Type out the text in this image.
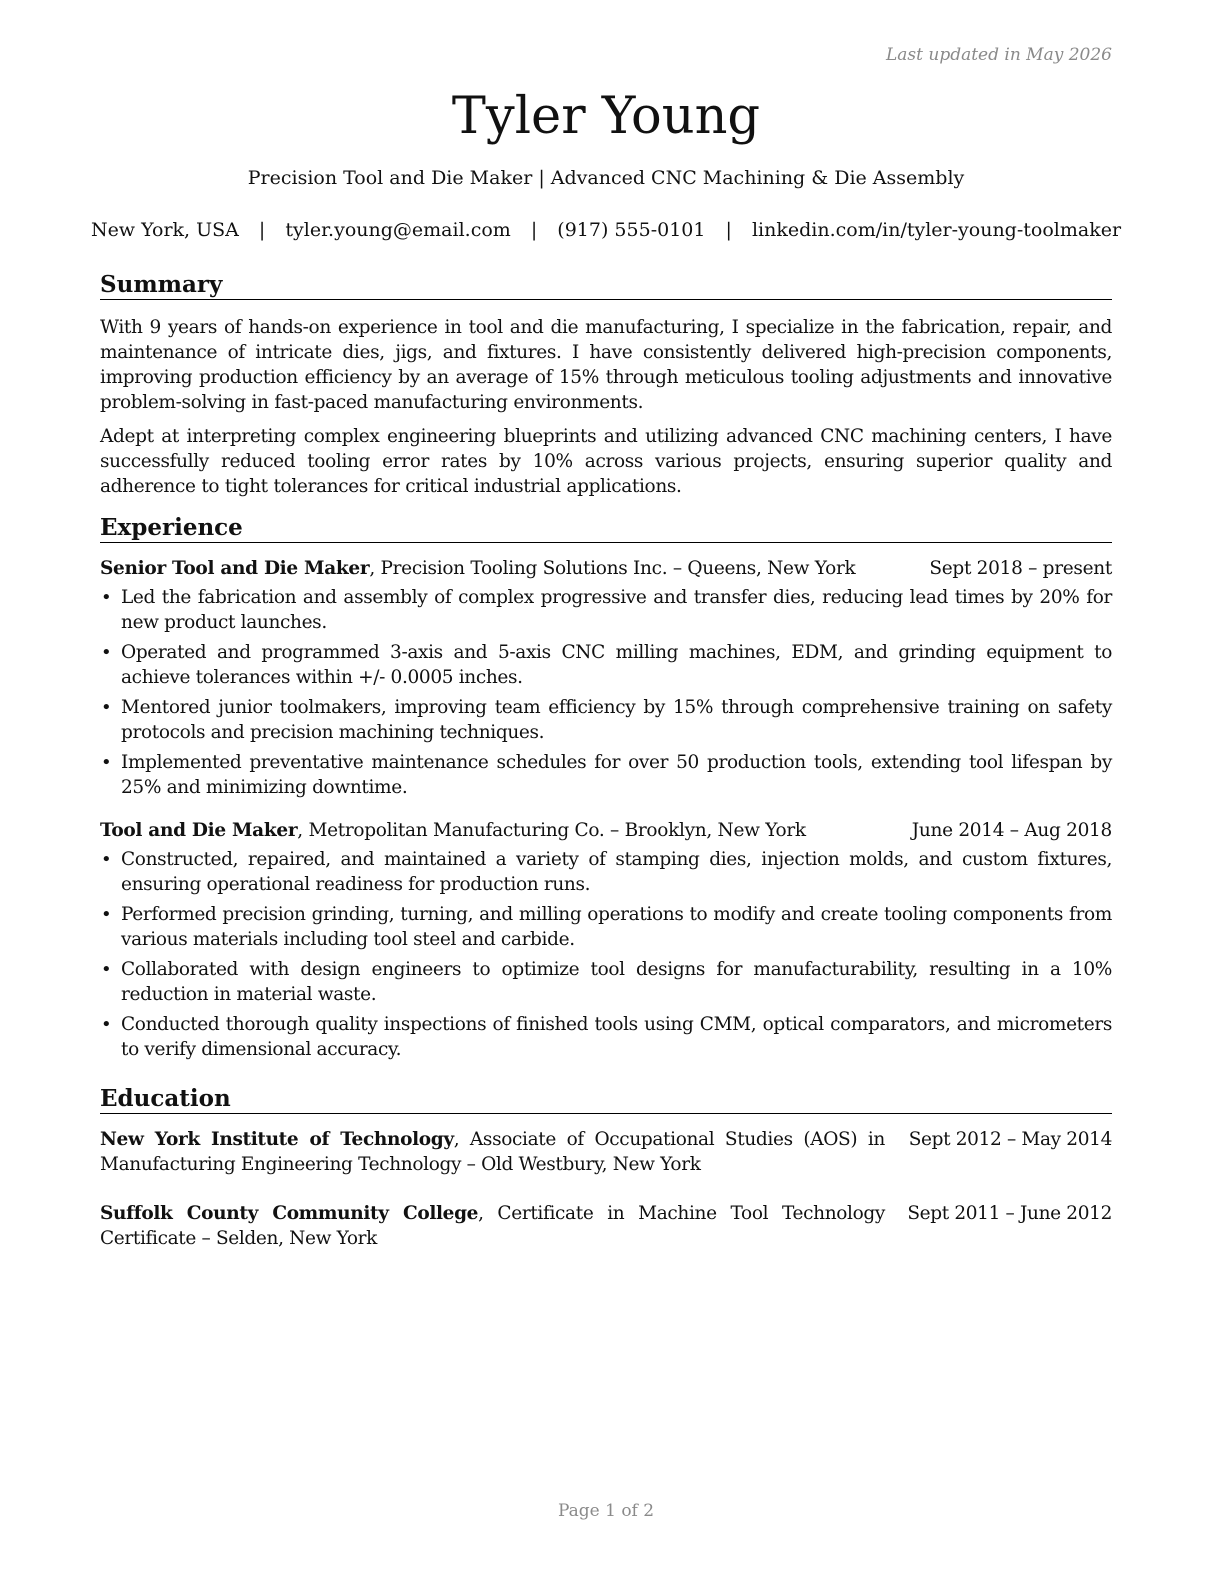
Last updated in May 2026
Tyler Young
Precision Tool and Die Maker | Advanced CNC Machining & Die Assembly
New York, USA | tyler.young@email.com | (917) 555-0101 | linkedin.com/in/tyler-young-toolmaker
Summary

With 9 years of hands-on experience in tool and die manufacturing, I specialize in the fabrication, repair, and maintenance of intricate dies, jigs, and fixtures. I have consistently delivered high-precision components, improving production efficiency by an average of 15% through meticulous tooling adjustments and innovative problem-solving in fast-paced manufacturing environments.

Adept at interpreting complex engineering blueprints and utilizing advanced CNC machining centers, I have successfully reduced tooling error rates by 10% across various projects, ensuring superior quality and adherence to tight tolerances for critical industrial applications.

Experience
Senior Tool and Die Maker, Precision Tooling Solutions Inc. – Queens, New York	Sept 2018 – present
• Led the fabrication and assembly of complex progressive and transfer dies, reducing lead times by 20% for new product launches.
• Operated and programmed 3-axis and 5-axis CNC milling machines, EDM, and grinding equipment to achieve tolerances within +/- 0.0005 inches.
• Mentored junior toolmakers, improving team efficiency by 15% through comprehensive training on safety protocols and precision machining techniques.
• Implemented preventative maintenance schedules for over 50 production tools, extending tool lifespan by 25% and minimizing downtime.
Tool and Die Maker, Metropolitan Manufacturing Co. – Brooklyn, New York	June 2014 – Aug 2018
• Constructed, repaired, and maintained a variety of stamping dies, injection molds, and custom fixtures, ensuring operational readiness for production runs.
• Performed precision grinding, turning, and milling operations to modify and create tooling components from various materials including tool steel and carbide.
• Collaborated with design engineers to optimize tool designs for manufacturability, resulting in a 10% reduction in material waste.
• Conducted thorough quality inspections of finished tools using CMM, optical comparators, and micrometers to verify dimensional accuracy.
Education
New York Institute of Technology, Associate of Occupational Studies (AOS) in Manufacturing Engineering Technology – Old Westbury, New York
Sept 2012 – May 2014
Suffolk County Community College, Certificate in Machine Tool Technology Certificate – Selden, New York
Sept 2011 – June 2012
Page 1 of 2
